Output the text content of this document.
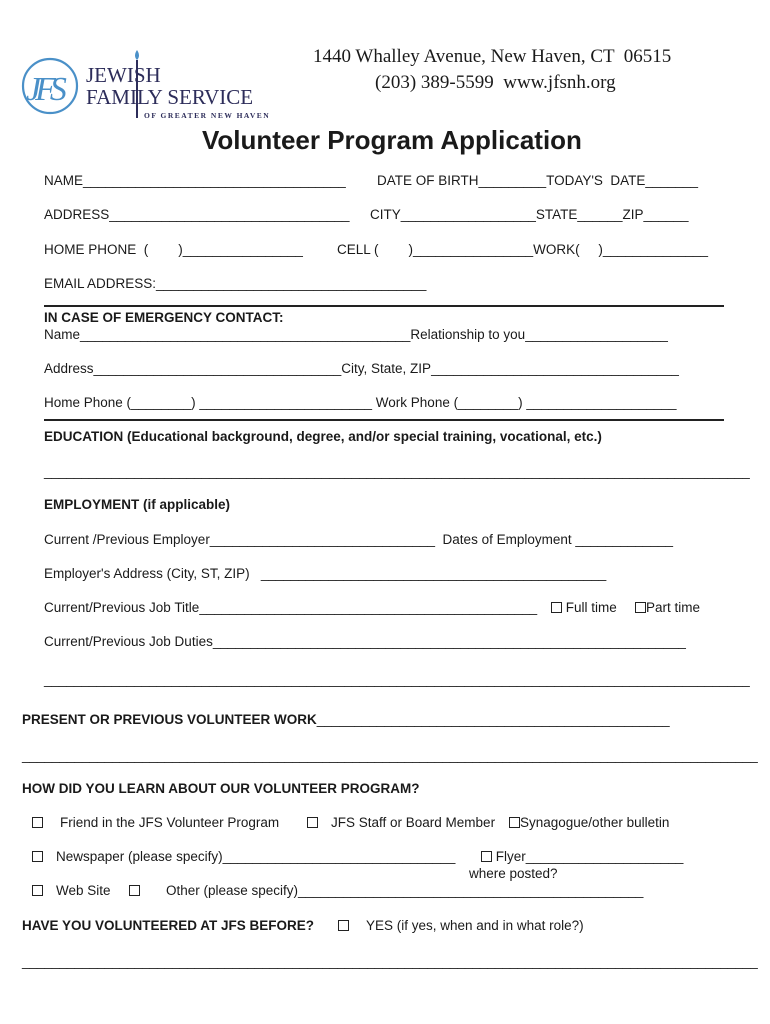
JFS JEWISH
FAMILY SERVICE
OF GREATER NEW HAVEN
1440 Whalley Avenue, New Haven, CT  06515
(203) 389-5599  www.jfsnh.org
Volunteer Program Application
NAME___________________________________ DATE OF BIRTH_________TODAY'S  DATE_______
ADDRESS________________________________ CITY__________________STATE______ZIP______
HOME PHONE  (        )________________	CELL (        )________________WORK(     )______________
EMAIL ADDRESS:____________________________________
IN CASE OF EMERGENCY CONTACT:
Name____________________________________________Relationship to you___________________
Address_________________________________City, State, ZIP_________________________________
Home Phone (________) _______________________ Work Phone (________) ____________________
EDUCATION (Educational background, degree, and/or special training, vocational, etc.)
______________________________________________________________________________________________
EMPLOYMENT (if applicable)
Current /Previous Employer______________________________  Dates of Employment _____________
Employer's Address (City, ST, ZIP)   ______________________________________________
Current/Previous Job Title_____________________________________________	Full time	Part time
Current/Previous Job Duties_______________________________________________________________
______________________________________________________________________________________________
PRESENT OR PREVIOUS VOLUNTEER WORK_______________________________________________
__________________________________________________________________________________________________
HOW DID YOU LEARN ABOUT OUR VOLUNTEER PROGRAM?
Friend in the JFS Volunteer Program	JFS Staff or Board Member	Synagogue/other bulletin
Newspaper (please specify)_______________________________	Flyer_____________________
where posted?
Web Site	Other (please specify)______________________________________________
HAVE YOU VOLUNTEERED AT JFS BEFORE?	YES (if yes, when and in what role?)
__________________________________________________________________________________________________
